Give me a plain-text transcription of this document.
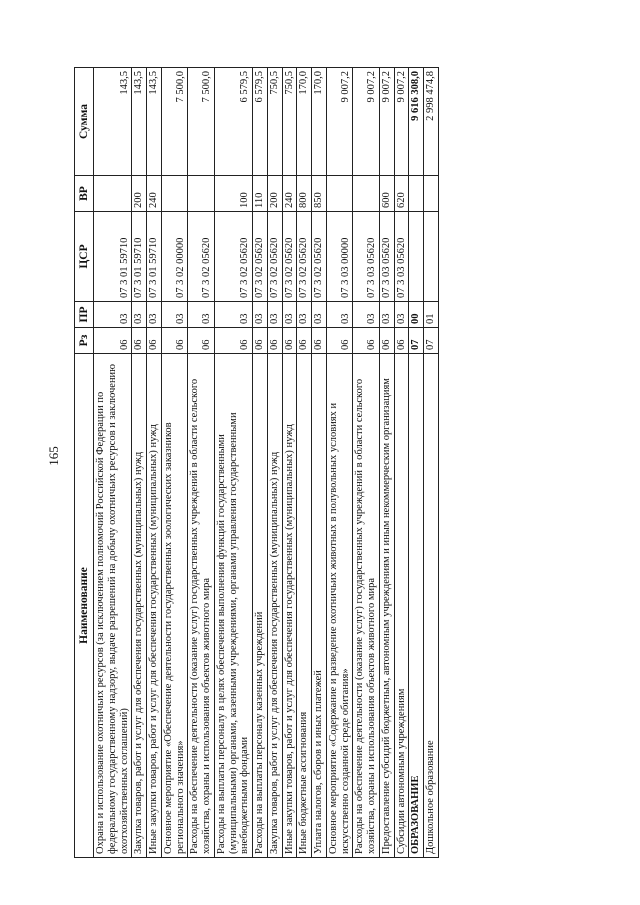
165
Наименование	Рз	ПР	ЦСР	ВР	Сумма
Охрана и использование охотничьих ресурсов (за исключением полномочий Российской Федерации по федеральному государственному надзору, выдаче разрешений на добычу охотничьих ресурсов и заключению охотхозяйственных соглашений)	06	03	07 3 01 59710		143,5
Закупка товаров, работ и услуг для обеспечения государственных (муниципальных) нужд	06	03	07 3 01 59710	200	143,5
Иные закупки товаров, работ и услуг для обеспечения государственных (муниципальных) нужд	06	03	07 3 01 59710	240	143,5
Основное мероприятие «Обеспечение деятельности государственных зоологических заказников регионального значения»	06	03	07 3 02 00000		7 500,0
Расходы на обеспечение деятельности (оказание услуг) государственных учреждений в области сельского хозяйства, охраны и использования объектов животного мира	06	03	07 3 02 05620		7 500,0
Расходы на выплаты персоналу в целях обеспечения выполнения функций государственными (муниципальными) органами, казенными учреждениями, органами управления государственными внебюджетными фондами	06	03	07 3 02 05620	100	6 579,5
Расходы на выплаты персоналу казенных учреждений	06	03	07 3 02 05620	110	6 579,5
Закупка товаров, работ и услуг для обеспечения государственных (муниципальных) нужд	06	03	07 3 02 05620	200	750,5
Иные закупки товаров, работ и услуг для обеспечения государственных (муниципальных) нужд	06	03	07 3 02 05620	240	750,5
Иные бюджетные ассигнования	06	03	07 3 02 05620	800	170,0
Уплата налогов, сборов и иных платежей	06	03	07 3 02 05620	850	170,0
Основное мероприятие «Содержание и разведение охотничьих животных в полувольных условиях и искусственно созданной среде обитания»	06	03	07 3 03 00000		9 007,2
Расходы на обеспечение деятельности (оказание услуг) государственных учреждений в области сельского хозяйства, охраны и использования объектов животного мира	06	03	07 3 03 05620		9 007,2
Предоставление субсидий бюджетным, автономным учреждениям и иным некоммерческим организациям	06	03	07 3 03 05620	600	9 007,2
Субсидии автономным учреждениям	06	03	07 3 03 05620	620	9 007,2
ОБРАЗОВАНИЕ	07	00			9 616 308,0
Дошкольное образование	07	01			2 998 474,8
